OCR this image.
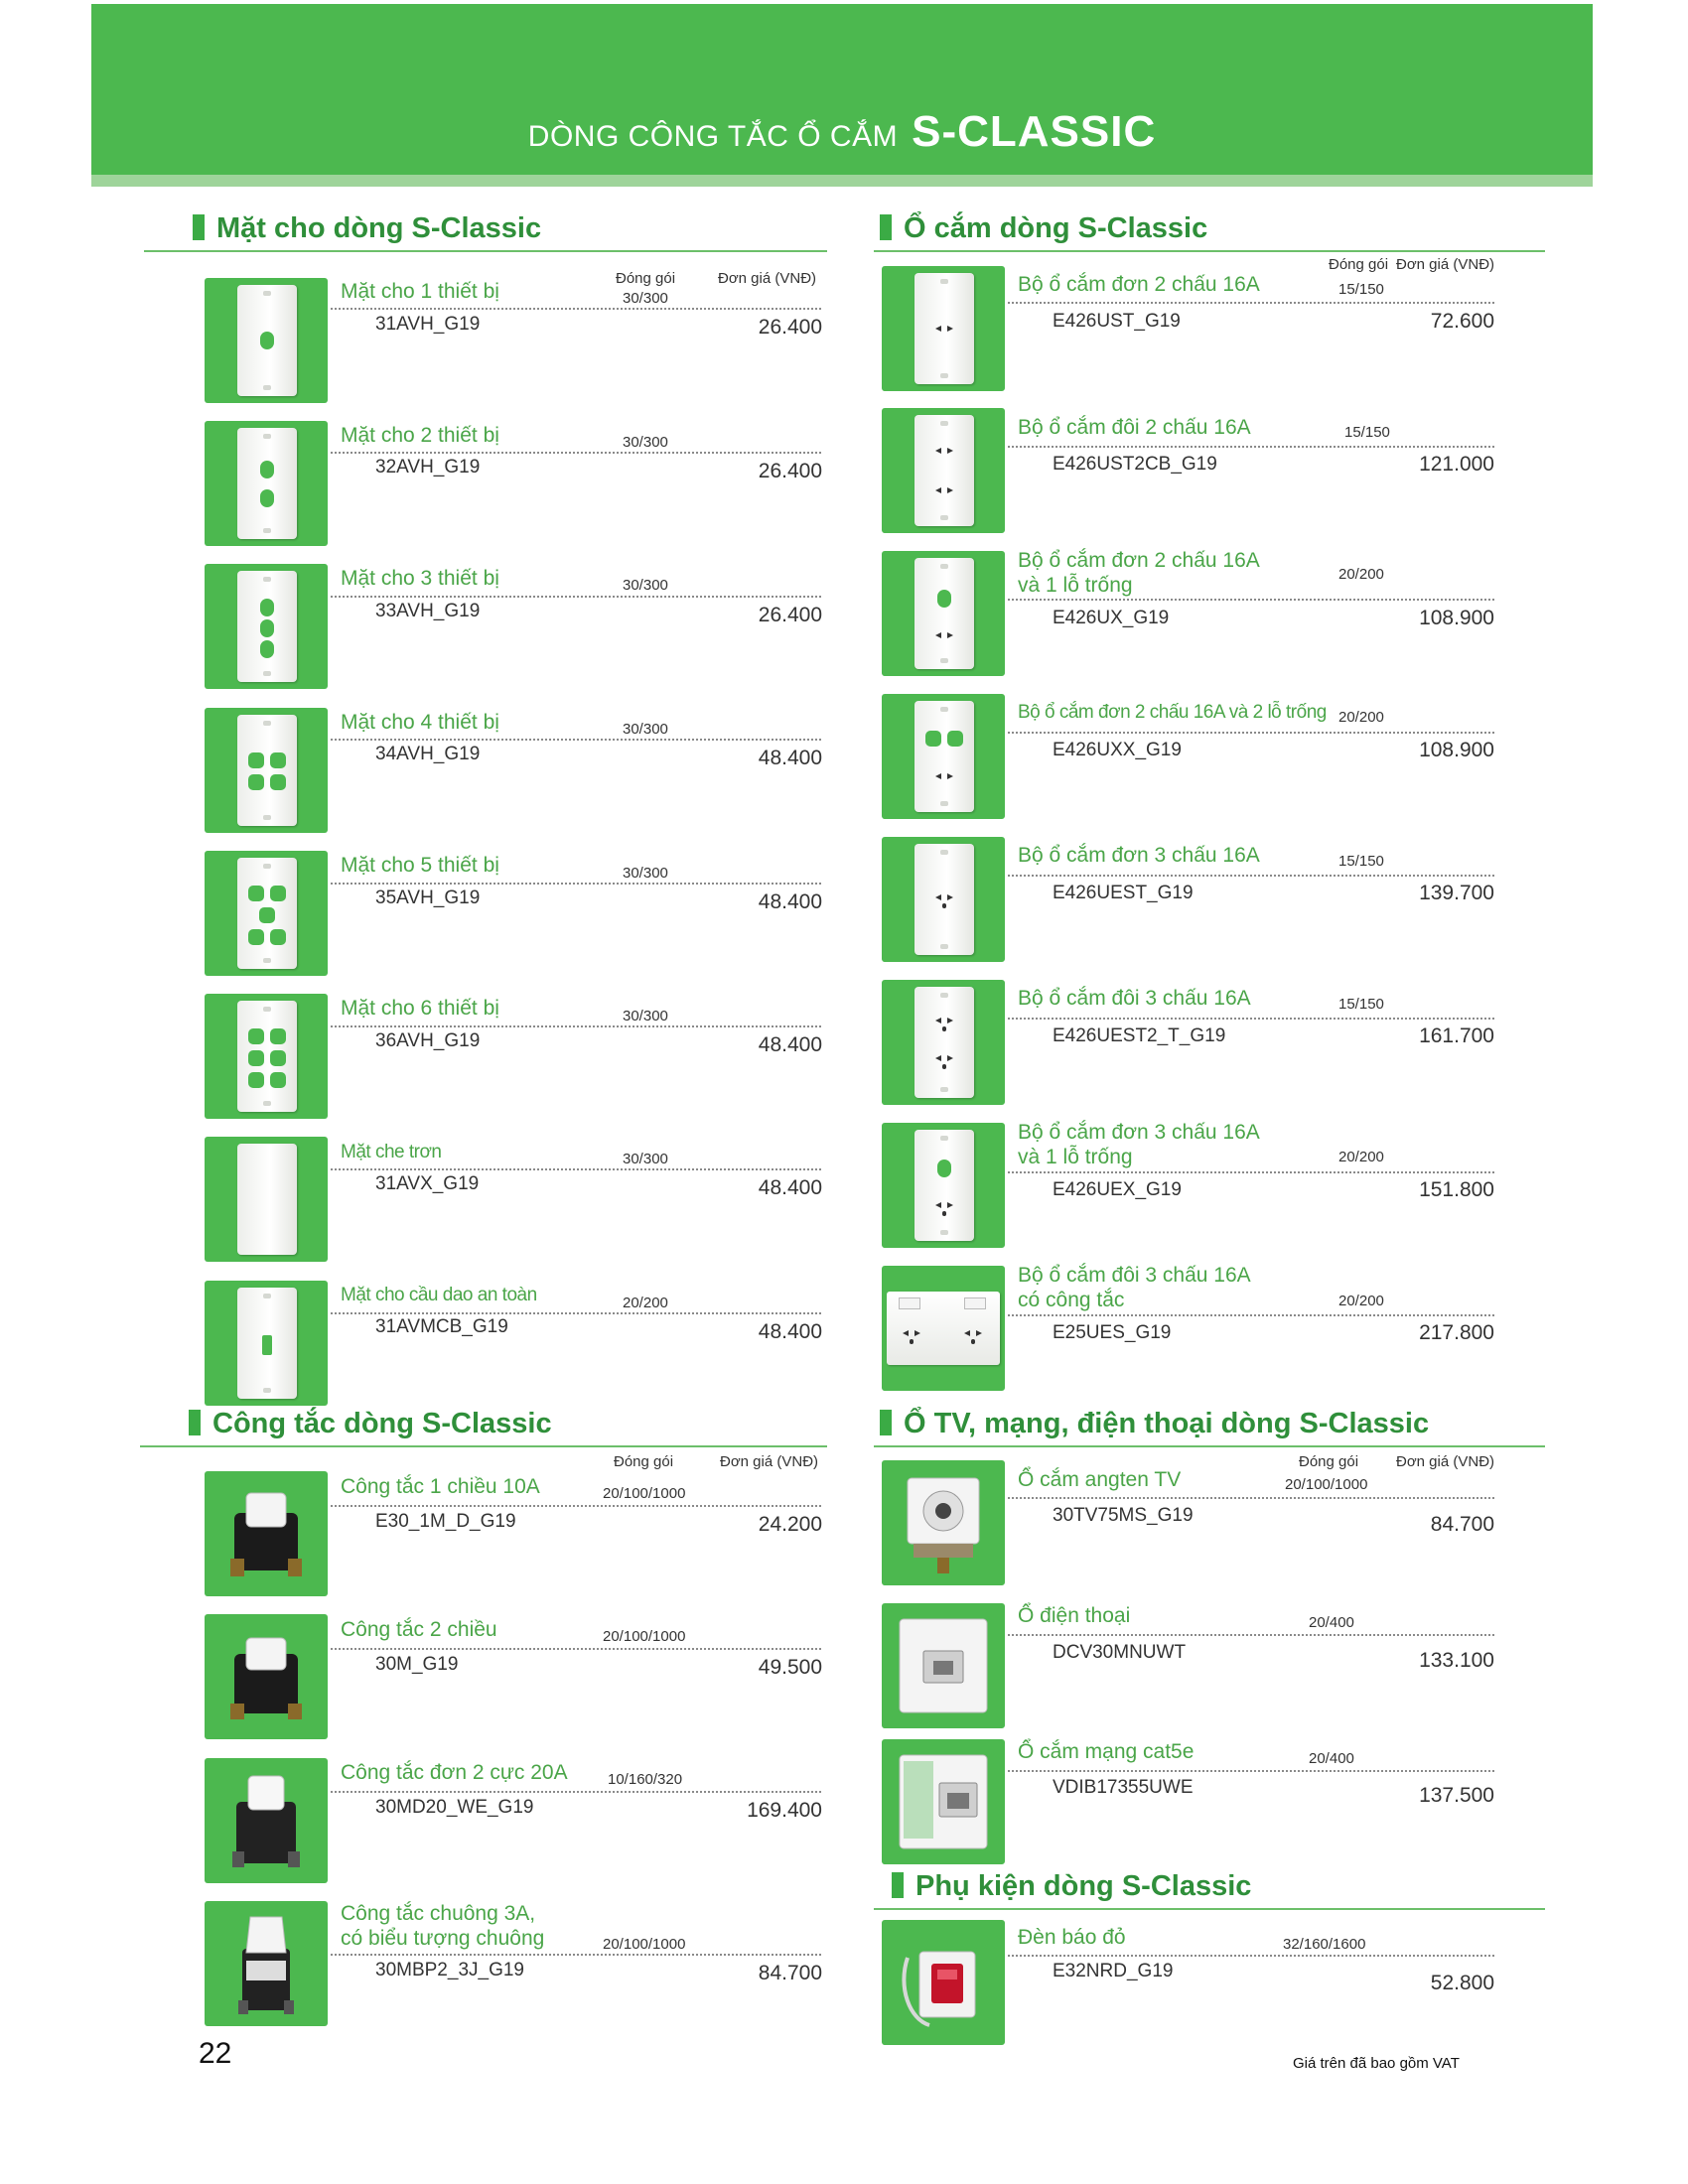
DÒNG CÔNG TẮC Ổ CẮM S-CLASSIC
Mặt cho dòng S-Classic
Đóng gói	Đơn giá (VNĐ)
Mặt cho 1 thiết bị	30/300
31AVH_G19	26.400
Mặt cho 2 thiết bị	30/300
32AVH_G19	26.400
Mặt cho 3 thiết bị	30/300
33AVH_G19	26.400
Mặt cho 4 thiết bị	30/300
34AVH_G19	48.400
Mặt cho 5 thiết bị	30/300
35AVH_G19	48.400
Mặt cho 6 thiết bị	30/300
36AVH_G19	48.400
Mặt che trơn	30/300
31AVX_G19	48.400
Mặt cho cầu dao an toàn	20/200
31AVMCB_G19	48.400
Ổ cắm dòng S-Classic
Đóng gói Đơn giá (VNĐ)
Bộ ổ cắm đơn 2 chấu 16A	15/150
E426UST_G19	72.600
Bộ ổ cắm đôi 2 chấu 16A	15/150
E426UST2CB_G19	121.000
Bộ ổ cắm đơn 2 chấu 16A
và 1 lỗ trống	20/200
E426UX_G19	108.900
Bộ ổ cắm đơn 2 chấu 16A và 2 lỗ trống 20/200
E426UXX_G19	108.900
Bộ ổ cắm đơn 3 chấu 16A	15/150
E426UEST_G19	139.700
Bộ ổ cắm đôi 3 chấu 16A	15/150
E426UEST2_T_G19	161.700
Bộ ổ cắm đơn 3 chấu 16A
và 1 lỗ trống	20/200
E426UEX_G19	151.800
Bộ ổ cắm đôi 3 chấu 16A
có công tắc	20/200
E25UES_G19	217.800
Công tắc dòng S-Classic
Đóng gói	Đơn giá (VNĐ)
Công tắc 1 chiều 10A	20/100/1000
E30_1M_D_G19	24.200
Công tắc 2 chiều	20/100/1000
30M_G19	49.500
Công tắc đơn 2 cực 20A	10/160/320
30MD20_WE_G19	169.400
Công tắc chuông 3A,
có biểu tượng chuông	20/100/1000
30MBP2_3J_G19	84.700
Ổ TV, mạng, điện thoại dòng S-Classic
Đóng gói	Đơn giá (VNĐ)
Ổ cắm angten TV	20/100/1000
30TV75MS_G19	84.700
Ổ điện thoại	20/400
DCV30MNUWT	133.100
Ổ cắm mạng cat5e	20/400
VDIB17355UWE	137.500
Phụ kiện dòng S-Classic
Đèn báo đỏ	32/160/1600
E32NRD_G19
52.800
22	Giá trên đã bao gồm VAT
